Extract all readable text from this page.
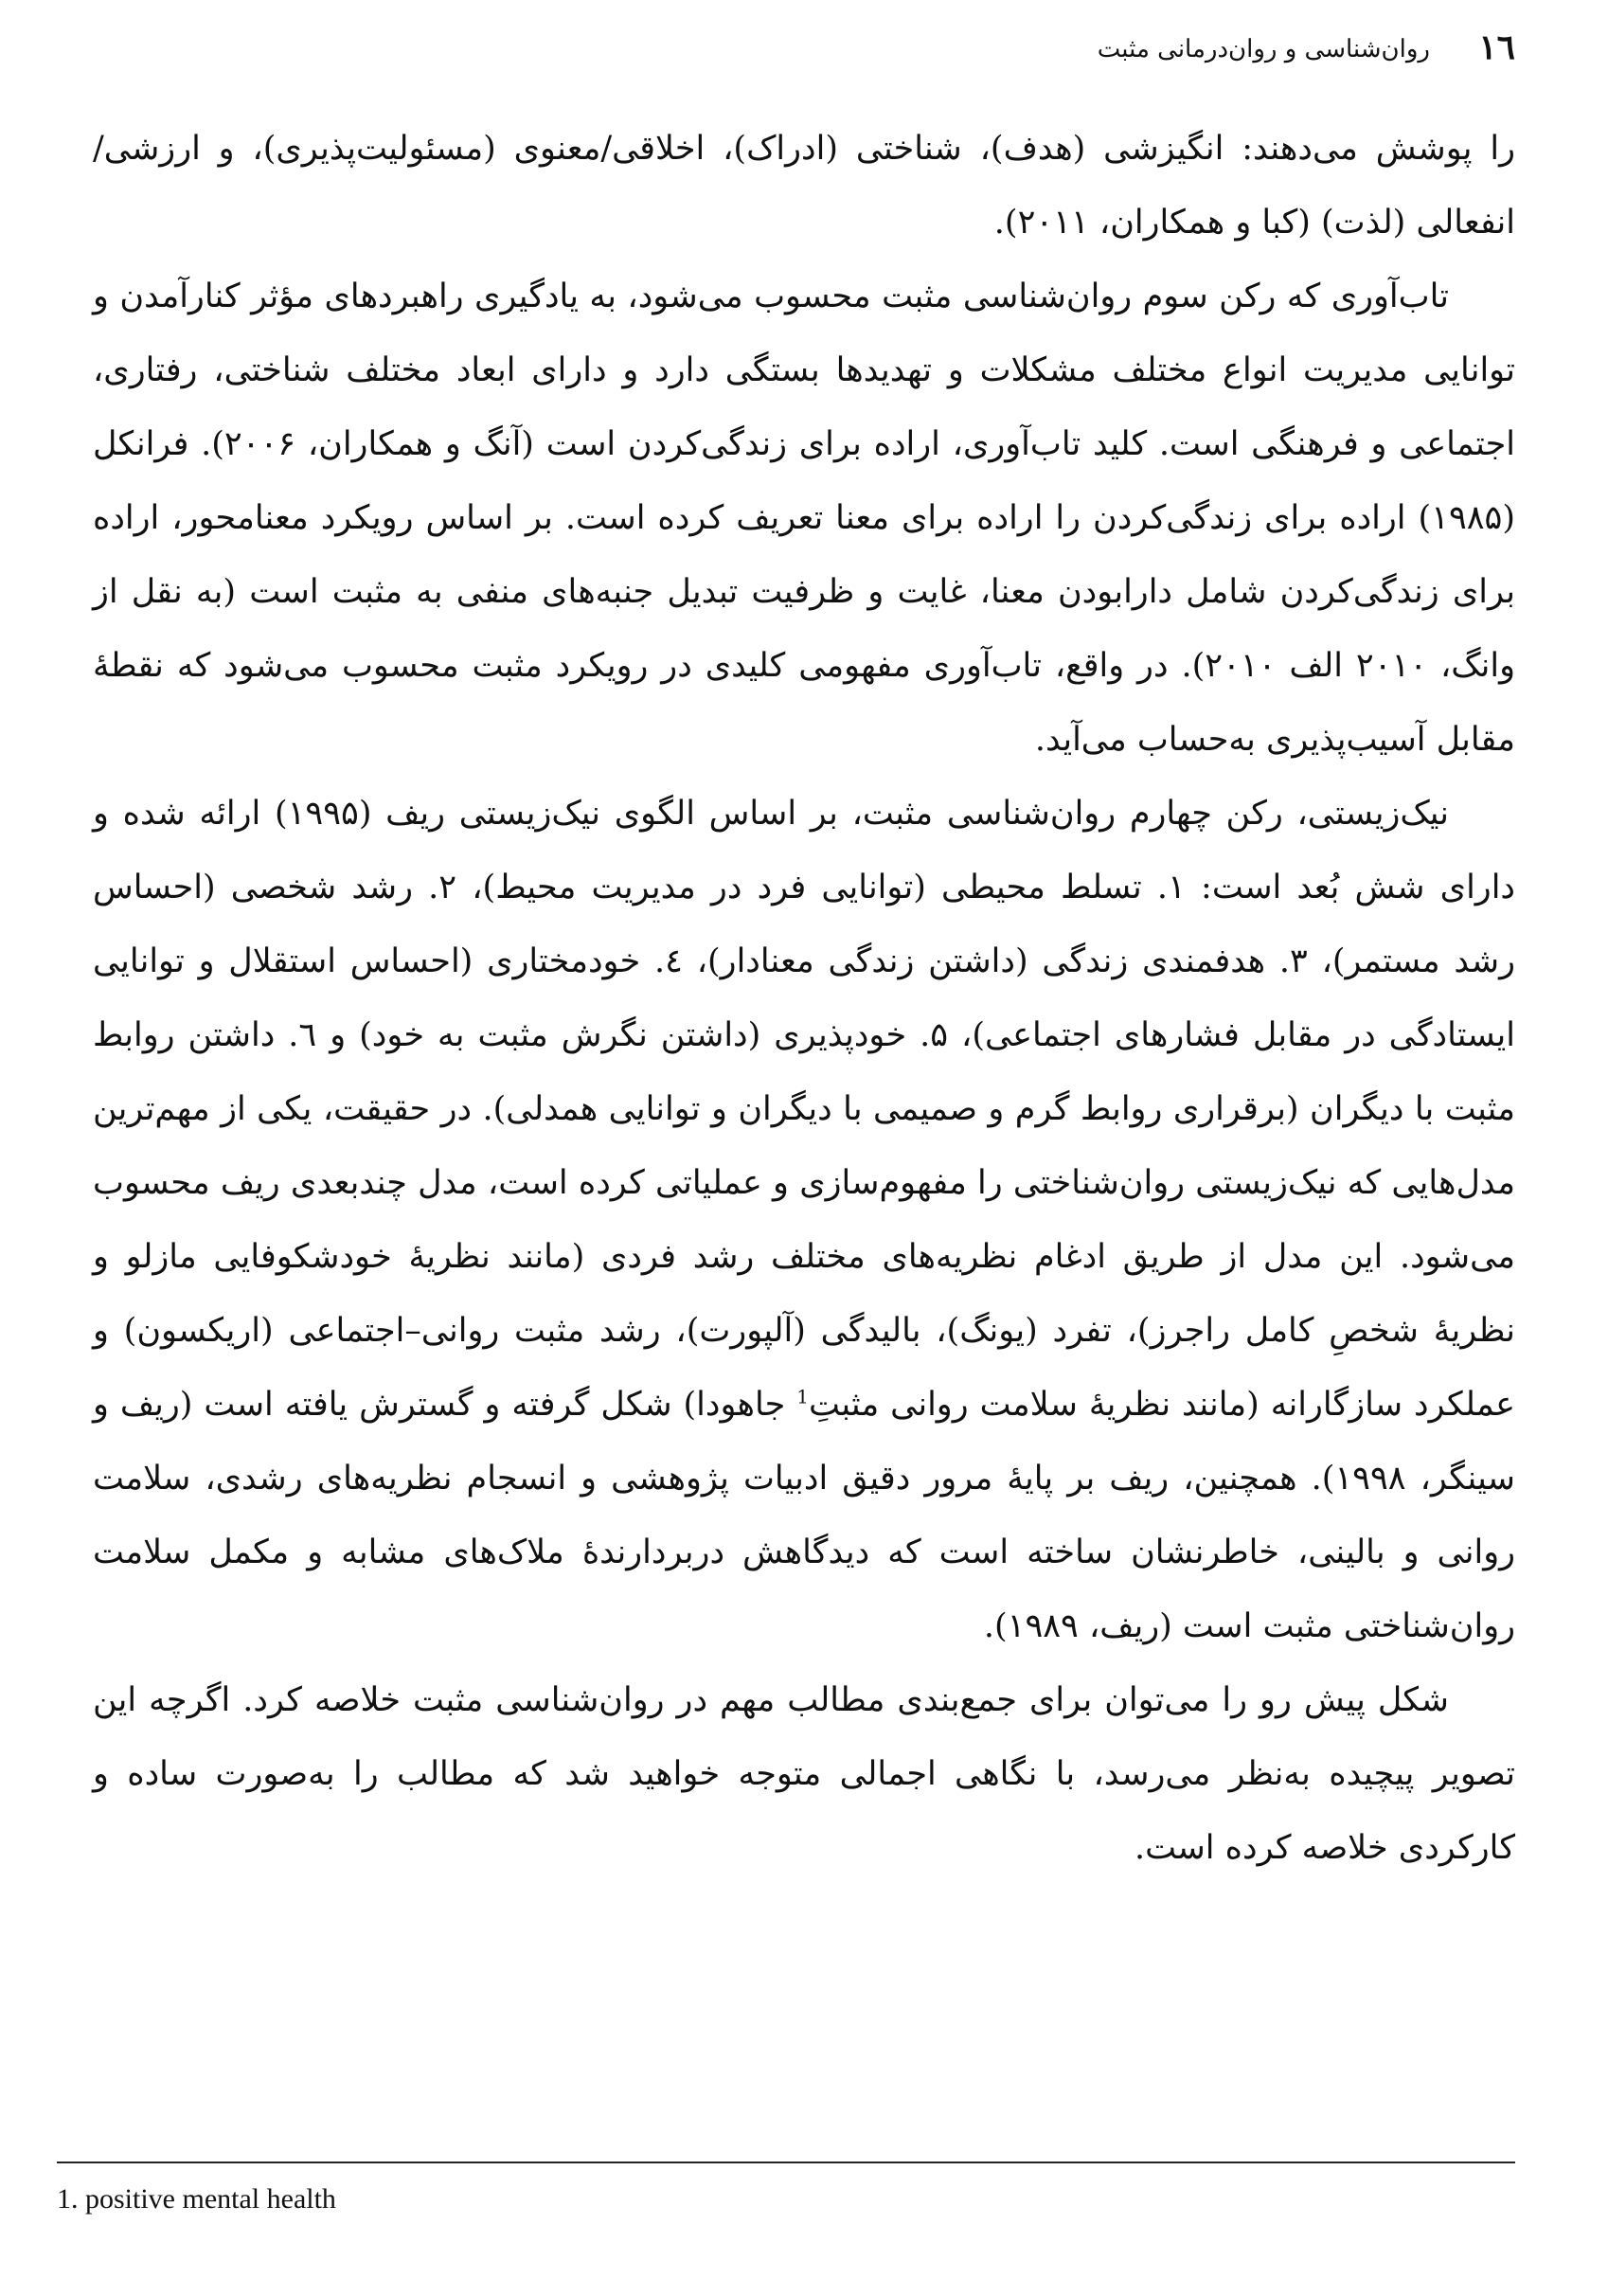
١٦
روان‌شناسی و روان‌درمانی مثبت

را پوشش می‌دهند: انگیزشی (هدف)، شناختی (ادراک)، اخلاقی/معنوی (مسئولیت‌پذیری)، و ارزشی/انفعالی (لذت) (کبا و همکاران، ۲۰۱۱).

تاب‌آوری که رکن سوم روان‌شناسی مثبت محسوب می‌شود، به یادگیری راهبردهای مؤثر کنارآمدن و توانایی مدیریت انواع مختلف مشکلات و تهدیدها بستگی دارد و دارای ابعاد مختلف شناختی، رفتاری، اجتماعی و فرهنگی است. کلید تاب‌آوری، اراده برای زندگی‌کردن است (آنگ و همکاران، ۲۰۰۶). فرانکل (۱۹۸۵) اراده برای زندگی‌کردن را اراده برای معنا تعریف کرده است. بر اساس رویکرد معنامحور، اراده برای زندگی‌کردن شامل دارابودن معنا، غایت و ظرفیت تبدیل جنبه‌های منفی به مثبت است (به نقل از وانگ، ۲۰۱۰ الف ۲۰۱۰). در واقع، تاب‌آوری مفهومی کلیدی در رویکرد مثبت محسوب می‌شود که نقطهٔ مقابل آسیب‌پذیری به‌حساب می‌آید.

نیک‌زیستی، رکن چهارم روان‌شناسی مثبت، بر اساس الگوی نیک‌زیستی ریف (۱۹۹۵) ارائه شده و دارای شش بُعد است: ۱. تسلط محیطی (توانایی فرد در مدیریت محیط)، ۲. رشد شخصی (احساس رشد مستمر)، ۳. هدفمندی زندگی (داشتن زندگی معنادار)، ٤. خودمختاری (احساس استقلال و توانایی ایستادگی در مقابل فشارهای اجتماعی)، ۵. خودپذیری (داشتن نگرش مثبت به خود) و ٦. داشتن روابط مثبت با دیگران (برقراری روابط گرم و صمیمی با دیگران و توانایی همدلی). در حقیقت، یکی از مهم‌ترین مدل‌هایی که نیک‌زیستی روان‌شناختی را مفهوم‌سازی و عملیاتی کرده است، مدل چندبعدی ریف محسوب می‌شود. این مدل از طریق ادغام نظریه‌های مختلف رشد فردی (مانند نظریهٔ خودشکوفایی مازلو و نظریهٔ شخصِ کامل راجرز)، تفرد (یونگ)، بالیدگی (آلپورت)، رشد مثبت روانی–اجتماعی (اریکسون) و عملکرد سازگارانه (مانند نظریهٔ سلامت روانی مثبتِ$^1$ جاهودا) شکل گرفته و گسترش یافته است (ریف و سینگر، ۱۹۹۸). همچنین، ریف بر پایهٔ مرور دقیق ادبیات پژوهشی و انسجام نظریه‌های رشدی، سلامت روانی و بالینی، خاطرنشان ساخته است که دیدگاهش دربردارندهٔ ملاک‌های مشابه و مکمل سلامت روان‌شناختی مثبت است (ریف، ۱۹۸۹).

شکل پیش رو را می‌توان برای جمع‌بندی مطالب مهم در روان‌شناسی مثبت خلاصه کرد. اگرچه این تصویر پیچیده به‌نظر می‌رسد، با نگاهی اجمالی متوجه خواهید شد که مطالب را به‌صورت ساده و کارکردی خلاصه کرده است.

1. positive mental health
